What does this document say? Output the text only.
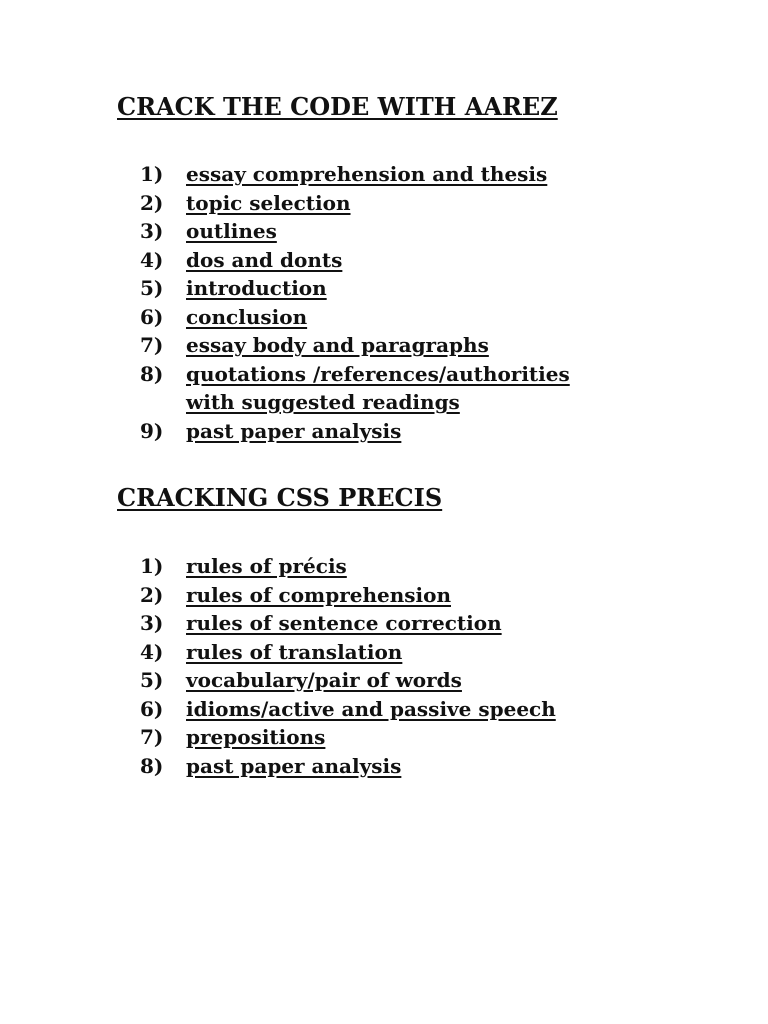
CRACK THE CODE WITH AAREZ
1)	essay comprehension and thesis
2)	topic selection
3)	outlines
4)	dos and donts
5)	introduction
6)	conclusion
7)	essay body and paragraphs
8)	quotations /references/authorities with suggested readings
9)	past paper analysis
CRACKING CSS PRECIS
1)	rules of précis
2)	rules of comprehension
3)	rules of sentence correction
4)	rules of translation
5)	vocabulary/pair of words
6)	idioms/active and passive speech
7)	prepositions
8)	past paper analysis
